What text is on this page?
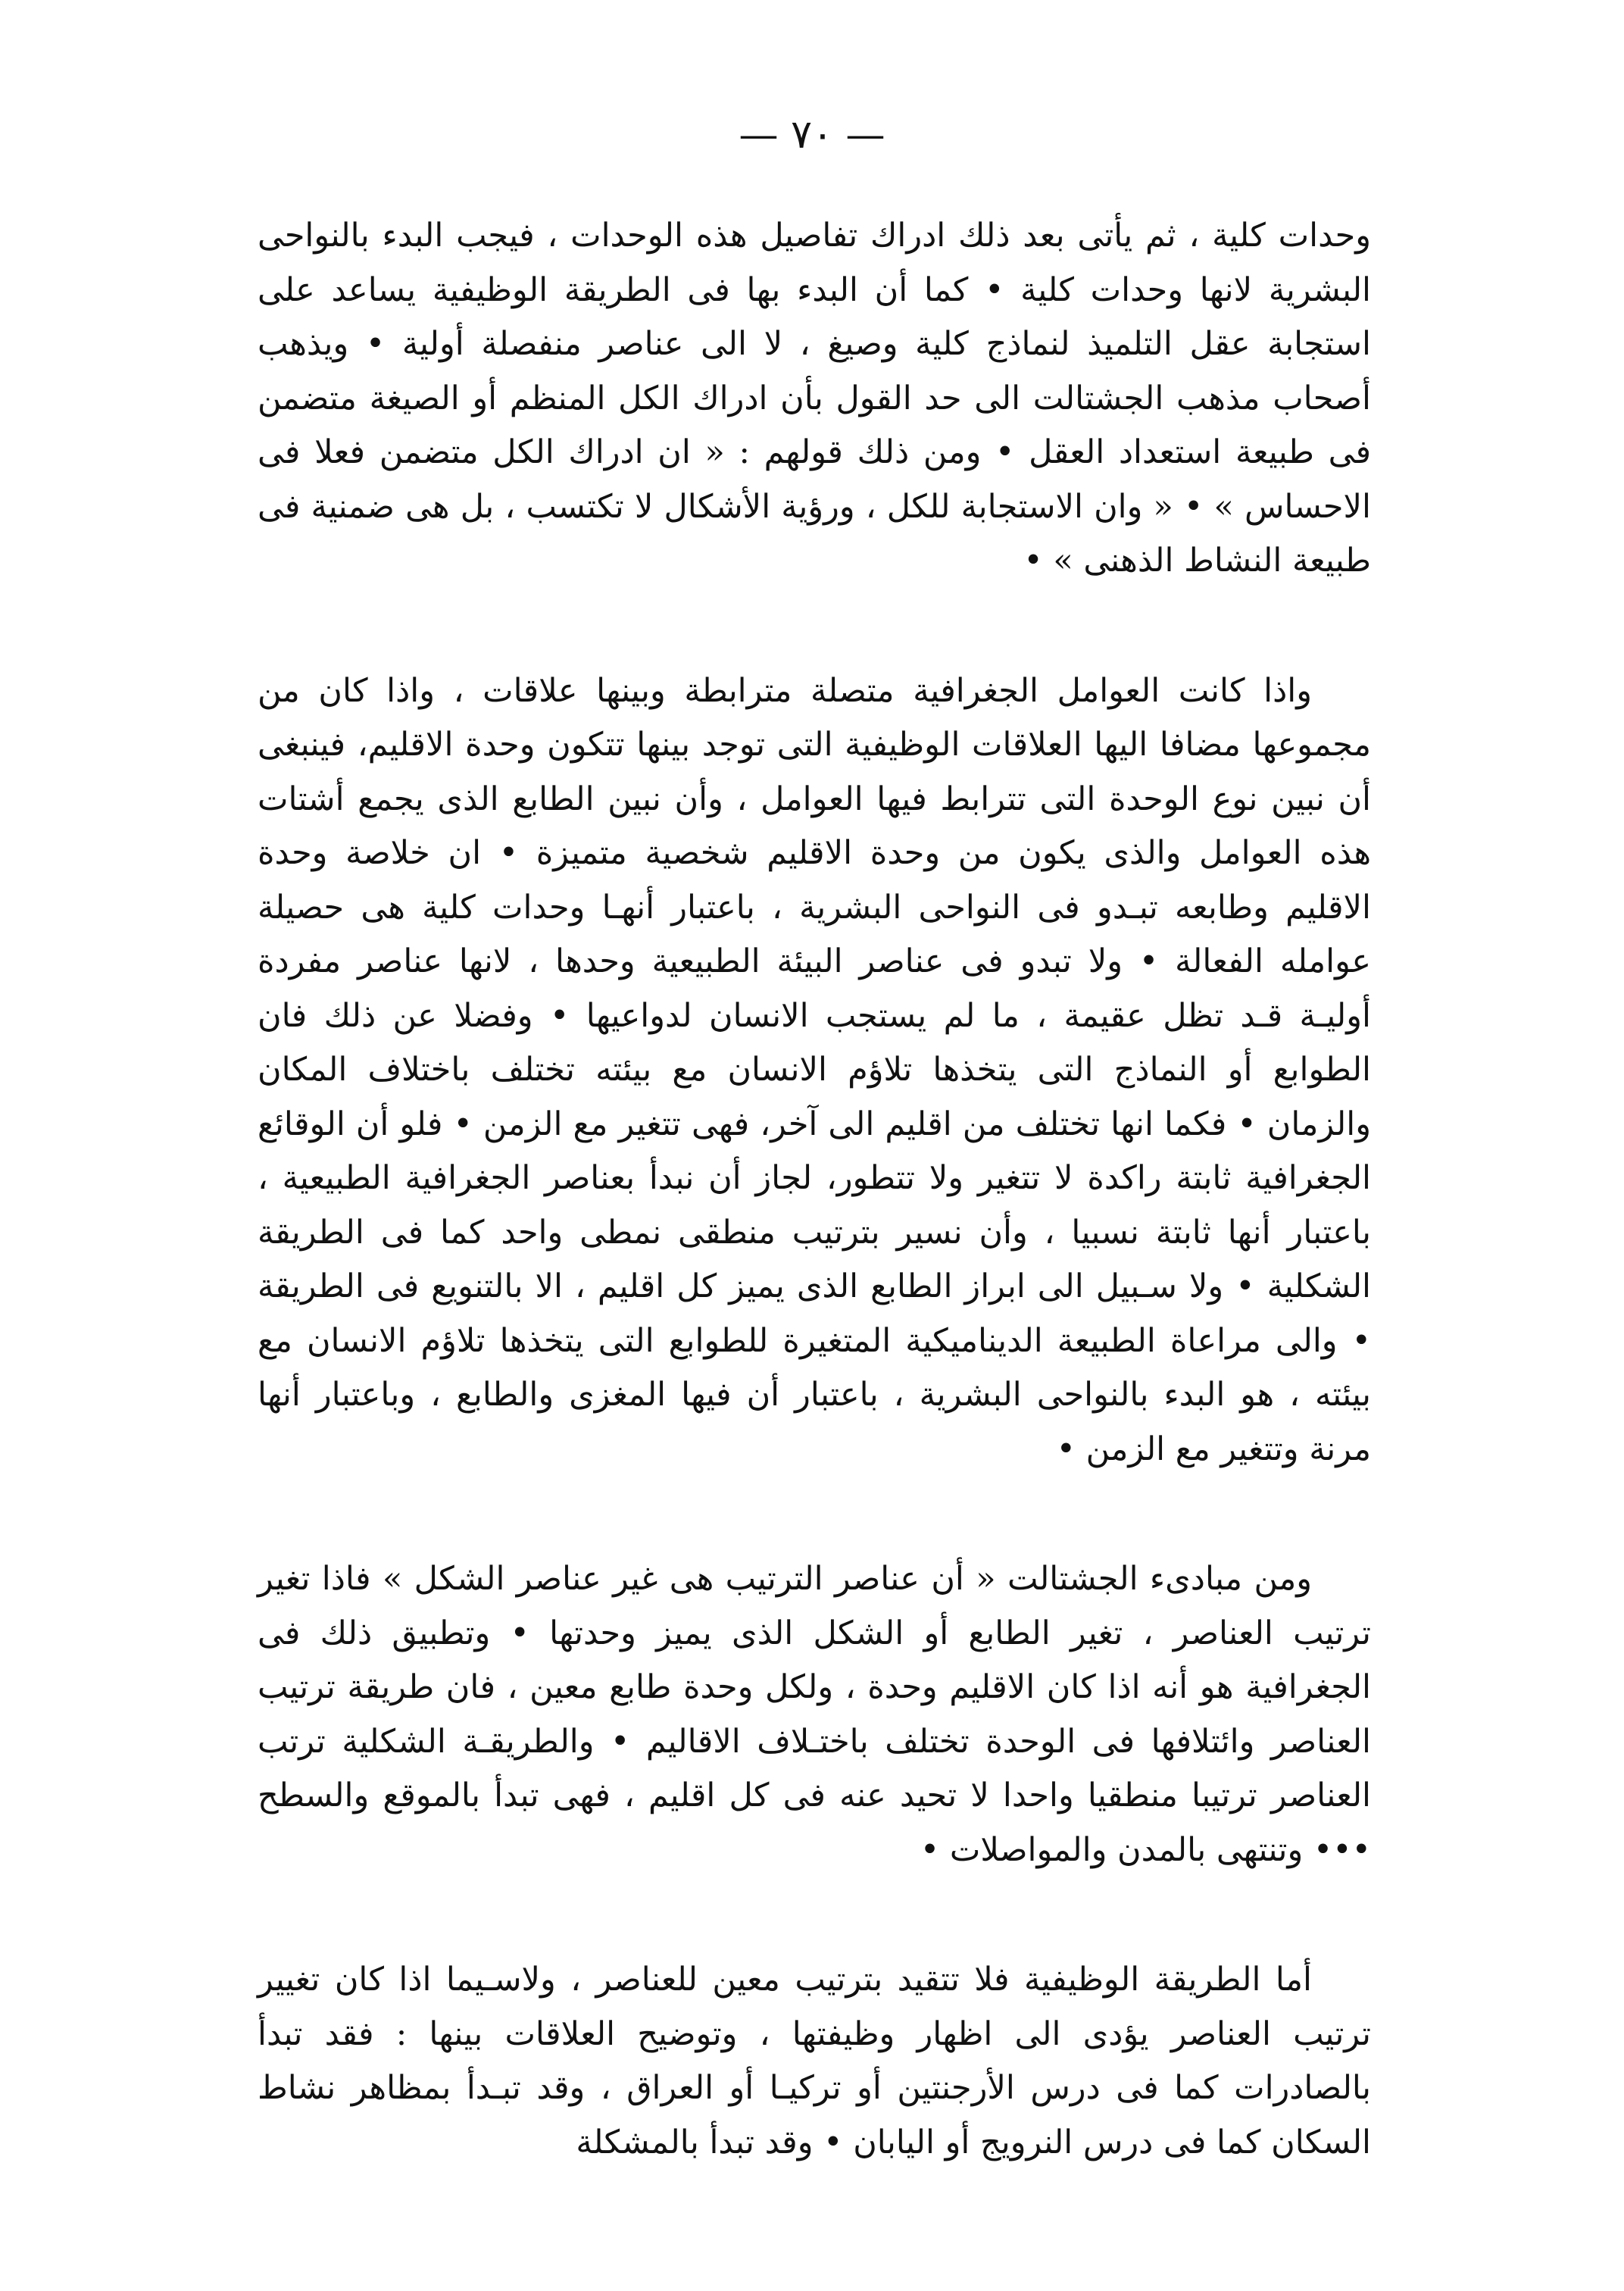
— ٧٠ —

وحدات كلية ، ثم يأتى بعد ذلك ادراك تفاصيل هذه الوحدات ، فيجب البدء بالنواحى البشرية لانها وحدات كلية • كما أن البدء بها فى الطريقة الوظيفية يساعد على استجابة عقل التلميذ لنماذج كلية وصيغ ، لا الى عناصر منفصلة أولية • ويذهب أصحاب مذهب الجشتالت الى حد القول بأن ادراك الكل المنظم أو الصيغة متضمن فى طبيعة استعداد العقل • ومن ذلك قولهم : « ان ادراك الكل متضمن فعلا فى الاحساس » • « وان الاستجابة للكل ، ورؤية الأشكال لا تكتسب ، بل هى ضمنية فى طبيعة النشاط الذهنى » •

واذا كانت العوامل الجغرافية متصلة مترابطة وبينها علاقات ، واذا كان من مجموعها مضافا اليها العلاقات الوظيفية التى توجد بينها تتكون وحدة الاقليم، فينبغى أن نبين نوع الوحدة التى تترابط فيها العوامل ، وأن نبين الطابع الذى يجمع أشتات هذه العوامل والذى يكون من وحدة الاقليم شخصية متميزة • ان خلاصة وحدة الاقليم وطابعه تبـدو فى النواحى البشرية ، باعتبار أنهـا وحدات كلية هى حصيلة عوامله الفعالة • ولا تبدو فى عناصر البيئة الطبيعية وحدها ، لانها عناصر مفردة أوليـة قـد تظل عقيمة ، ما لم يستجب الانسان لدواعيها • وفضلا عن ذلك فان الطوابع أو النماذج التى يتخذها تلاؤم الانسان مع بيئته تختلف باختلاف المكان والزمان • فكما انها تختلف من اقليم الى آخر، فهى تتغير مع الزمن • فلو أن الوقائع الجغرافية ثابتة راكدة لا تتغير ولا تتطور، لجاز أن نبدأ بعناصر الجغرافية الطبيعية ، باعتبار أنها ثابتة نسبيا ، وأن نسير بترتيب منطقى نمطى واحد كما فى الطريقة الشكلية • ولا سـبيل الى ابراز الطابع الذى يميز كل اقليم ، الا بالتنويع فى الطريقة • والى مراعاة الطبيعة الديناميكية المتغيرة للطوابع التى يتخذها تلاؤم الانسان مع بيئته ، هو البدء بالنواحى البشرية ، باعتبار أن فيها المغزى والطابع ، وباعتبار أنها مرنة وتتغير مع الزمن •

ومن مبادىء الجشتالت « أن عناصر الترتيب هى غير عناصر الشكل » فاذا تغير ترتيب العناصر ، تغير الطابع أو الشكل الذى يميز وحدتها • وتطبيق ذلك فى الجغرافية هو أنه اذا كان الاقليم وحدة ، ولكل وحدة طابع معين ، فان طريقة ترتيب العناصر وائتلافها فى الوحدة تختلف باختـلاف الاقاليم • والطريقـة الشكلية ترتب العناصر ترتيبا منطقيا واحدا لا تحيد عنه فى كل اقليم ، فهى تبدأ بالموقع والسطح ••• وتنتهى بالمدن والمواصلات •

أما الطريقة الوظيفية فلا تتقيد بترتيب معين للعناصر ، ولاسـيما اذا كان تغيير ترتيب العناصر يؤدى الى اظهار وظيفتها ، وتوضيح العلاقات بينها : فقد تبدأ بالصادرات كما فى درس الأرجنتين أو تركيـا أو العراق ، وقد تبـدأ بمظاهر نشاط السكان كما فى درس النرويج أو اليابان • وقد تبدأ بالمشكلة
